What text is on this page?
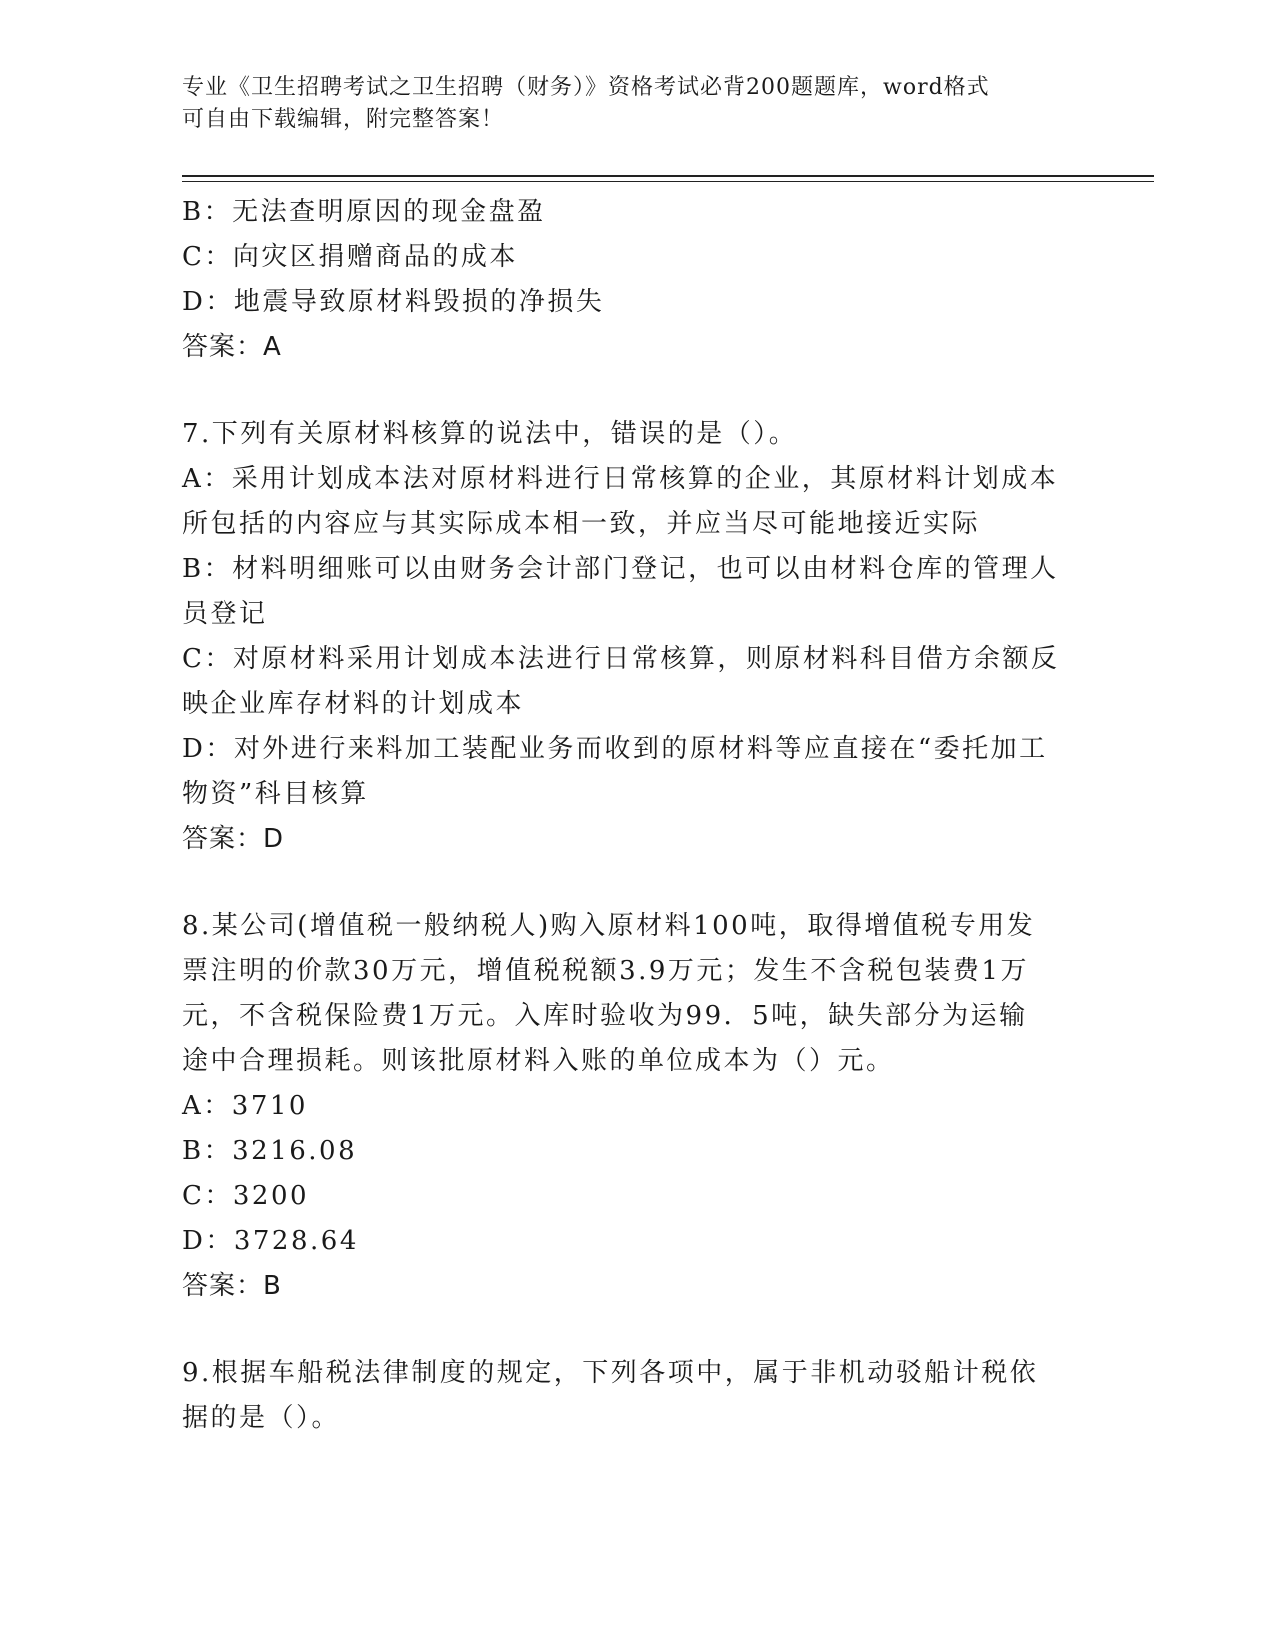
专业《卫生招聘考试之卫生招聘（财务）》资格考试必背200题题库，word格式
可自由下载编辑，附完整答案！

B：无法查明原因的现金盘盈

C：向灾区捐赠商品的成本

D：地震导致原材料毁损的净损失

答案：A

7.下列有关原材料核算的说法中，错误的是（）。

A：采用计划成本法对原材料进行日常核算的企业，其原材料计划成本

所包括的内容应与其实际成本相一致，并应当尽可能地接近实际

B：材料明细账可以由财务会计部门登记，也可以由材料仓库的管理人

员登记

C：对原材料采用计划成本法进行日常核算，则原材料科目借方余额反

映企业库存材料的计划成本

D：对外进行来料加工装配业务而收到的原材料等应直接在“委托加工

物资”科目核算

答案：D

8.某公司(增值税一般纳税人)购入原材料100吨，取得增值税专用发

票注明的价款30万元，增值税税额3.9万元；发生不含税包装费1万

元，不含税保险费1万元。入库时验收为99．5吨，缺失部分为运输

途中合理损耗。则该批原材料入账的单位成本为（）元。

A：3710

B：3216.08

C：3200

D：3728.64

答案：B

9.根据车船税法律制度的规定，下列各项中，属于非机动驳船计税依

据的是（）。
